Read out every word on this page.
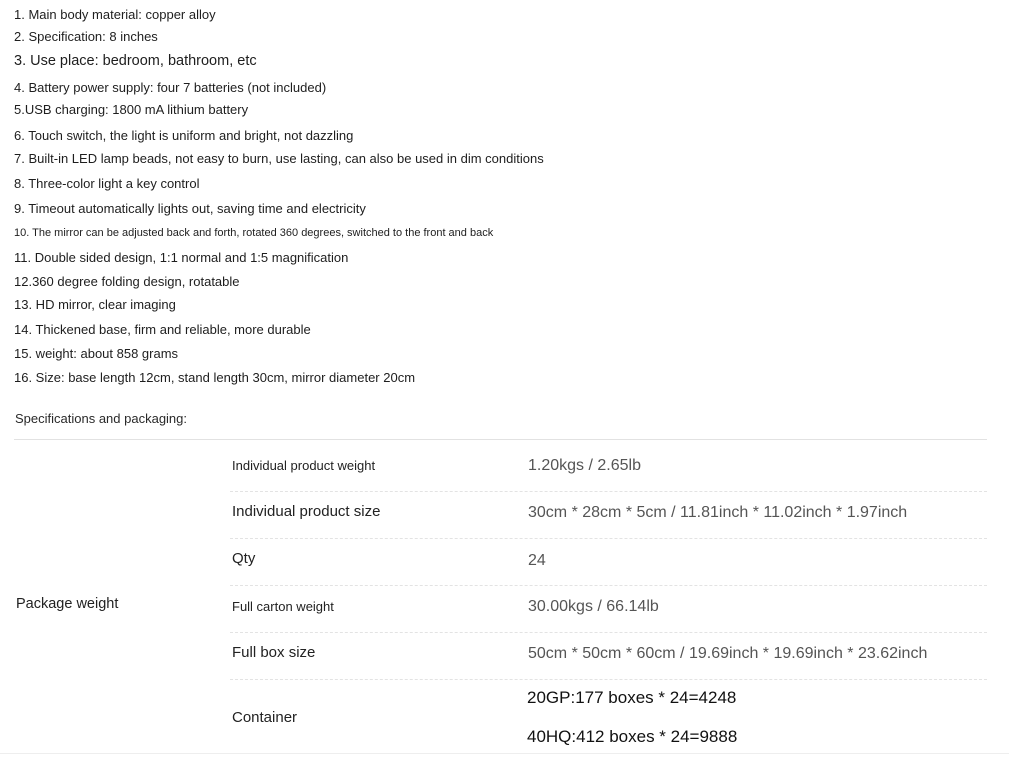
1. Main body material: copper alloy
2. Specification: 8 inches
3. Use place: bedroom, bathroom, etc
4. Battery power supply: four 7 batteries (not included)
5.USB charging: 1800 mA lithium battery
6. Touch switch, the light is uniform and bright, not dazzling
7. Built-in LED lamp beads, not easy to burn, use lasting, can also be used in dim conditions
8. Three-color light a key control
9. Timeout automatically lights out, saving time and electricity
10. The mirror can be adjusted back and forth, rotated 360 degrees, switched to the front and back
11. Double sided design, 1:1 normal and 1:5 magnification
12.360 degree folding design, rotatable
13. HD mirror, clear imaging
14. Thickened base, firm and reliable, more durable
15. weight: about 858 grams
16. Size: base length 12cm, stand length 30cm, mirror diameter 20cm
Specifications and packaging:
Package weight
Individual product weight	1.20kgs / 2.65lb
Individual product size	30cm * 28cm * 5cm / 11.81inch * 11.02inch * 1.97inch
Qty	24
Full carton weight	30.00kgs / 66.14lb
Full box size	50cm * 50cm * 60cm / 19.69inch * 19.69inch * 23.62inch
Container
20GP:177 boxes * 24=4248
40HQ:412 boxes * 24=9888
